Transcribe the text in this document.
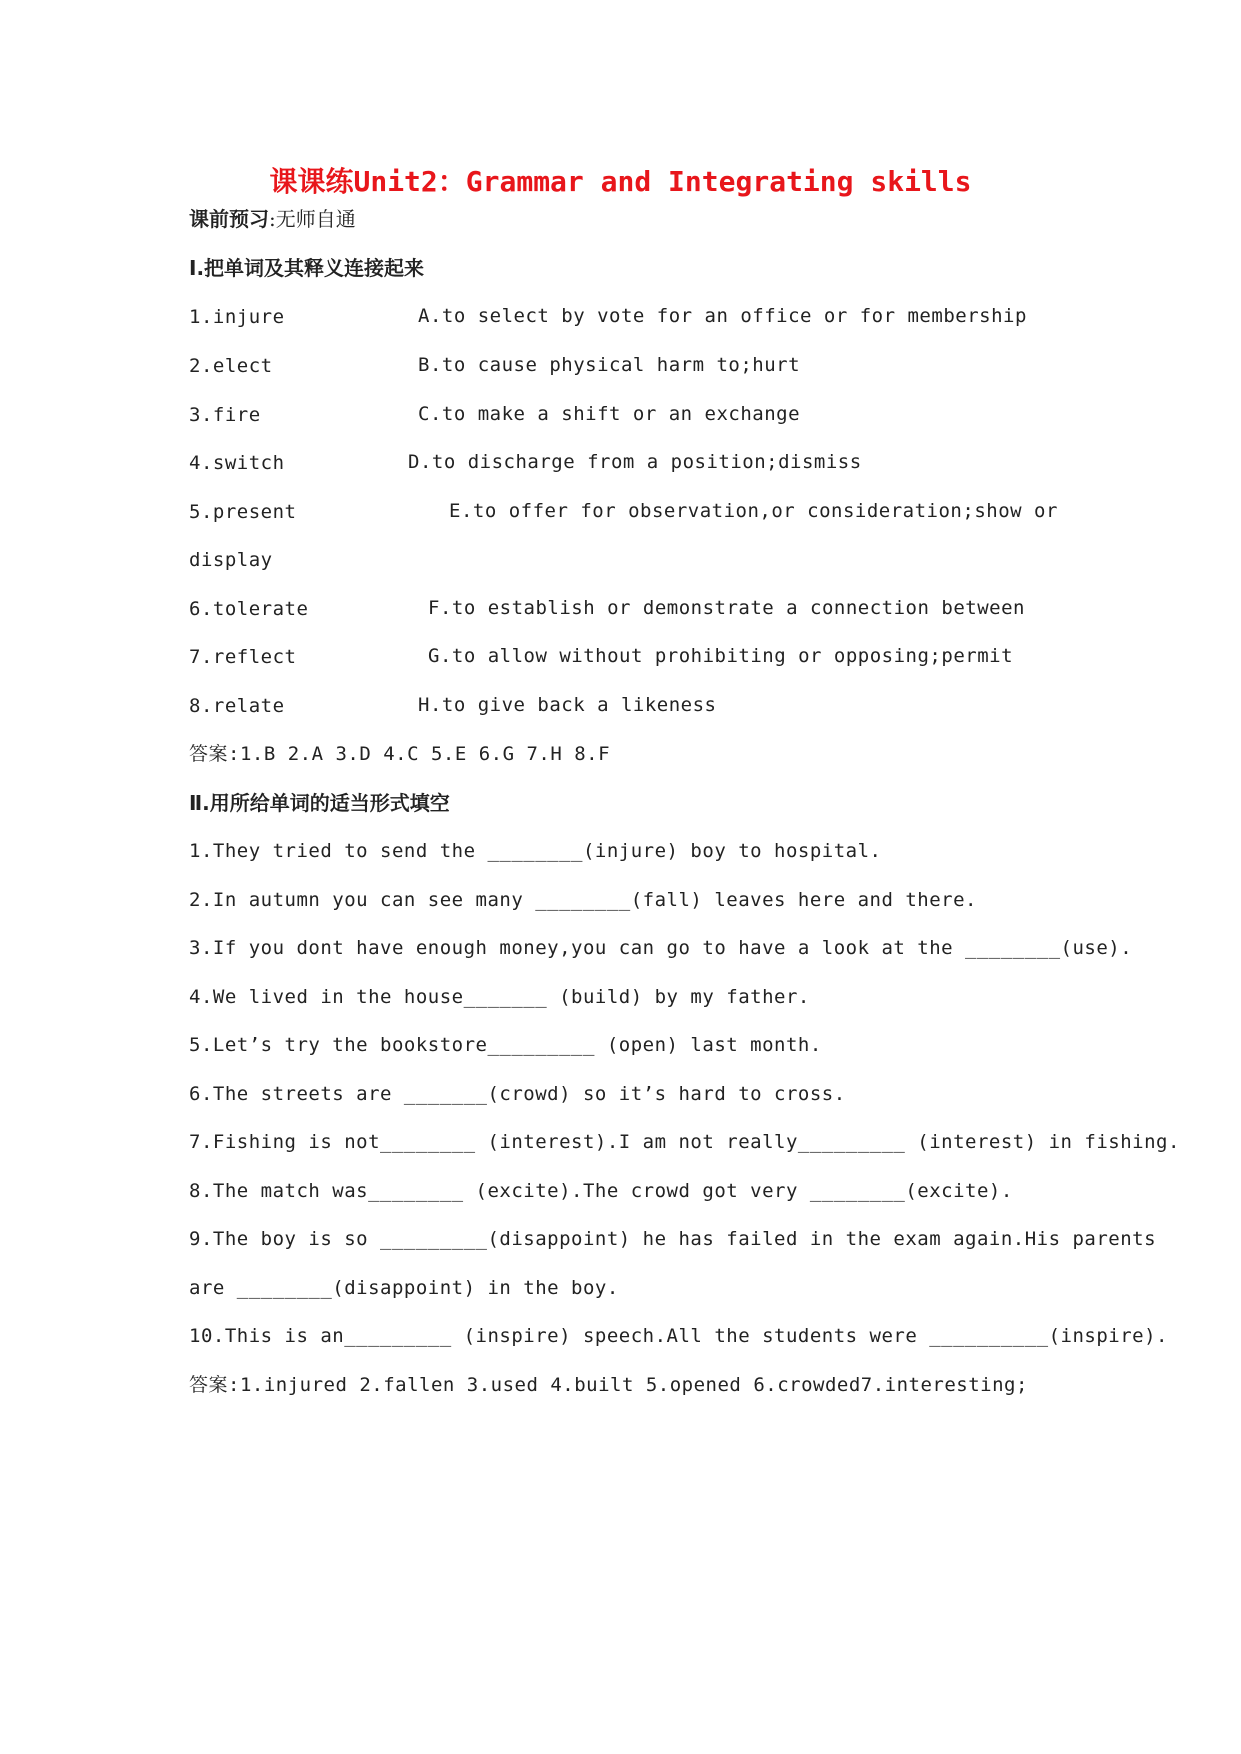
课课练Unit2：Grammar and Integrating skills
课前预习:无师自通
Ⅰ.把单词及其释义连接起来
1.injure	A.to select by vote for an office or for membership
2.elect	B.to cause physical harm to;hurt
3.fire	C.to make a shift or an exchange
4.switch	D.to discharge from a position;dismiss
5.present	E.to offer for observation,or consideration;show or
display
6.tolerate	F.to establish or demonstrate a connection between
7.reflect	G.to allow without prohibiting or opposing;permit
8.relate	H.to give back a likeness
答案:1.B 2.A 3.D 4.C 5.E 6.G 7.H 8.F
Ⅱ.用所给单词的适当形式填空
1.They tried to send the ________(injure) boy to hospital.
2.In autumn you can see many ________(fall) leaves here and there.
3.If you dont have enough money,you can go to have a look at the ________(use).
4.We lived in the house_______ (build) by my father.
5.Let’s try the bookstore_________ (open) last month.
6.The streets are _______(crowd) so it’s hard to cross.
7.Fishing is not________ (interest).I am not really_________ (interest) in fishing.
8.The match was________ (excite).The crowd got very ________(excite).
9.The boy is so _________(disappoint) he has failed in the exam again.His parents
are ________(disappoint) in the boy.
10.This is an_________ (inspire) speech.All the students were __________(inspire).
答案:1.injured 2.fallen 3.used 4.built 5.opened 6.crowded7.interesting;
